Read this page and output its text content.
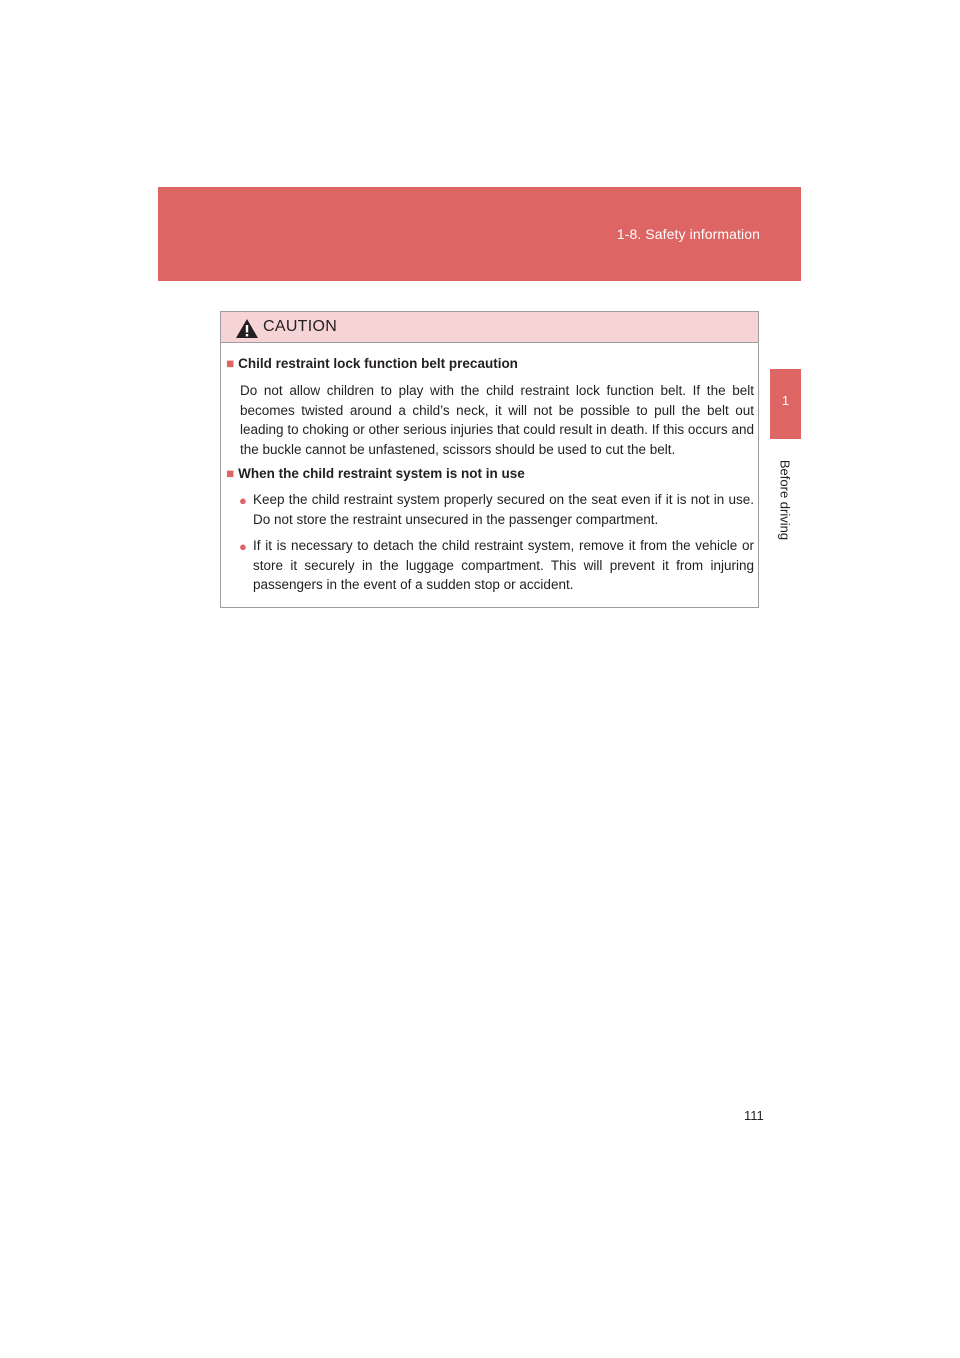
1-8. Safety information
1
Before driving
CAUTION
■ Child restraint lock function belt precaution
Do not allow children to play with the child restraint lock function belt. If the belt becomes twisted around a child’s neck, it will not be possible to pull the belt out leading to choking or other serious injuries that could result in death. If this occurs and the buckle cannot be unfastened, scissors should be used to cut the belt.
■ When the child restraint system is not in use
● Keep the child restraint system properly secured on the seat even if it is not in use. Do not store the restraint unsecured in the passenger compartment.
● If it is necessary to detach the child restraint system, remove it from the vehicle or store it securely in the luggage compartment. This will prevent it from injuring passengers in the event of a sudden stop or accident.
111
